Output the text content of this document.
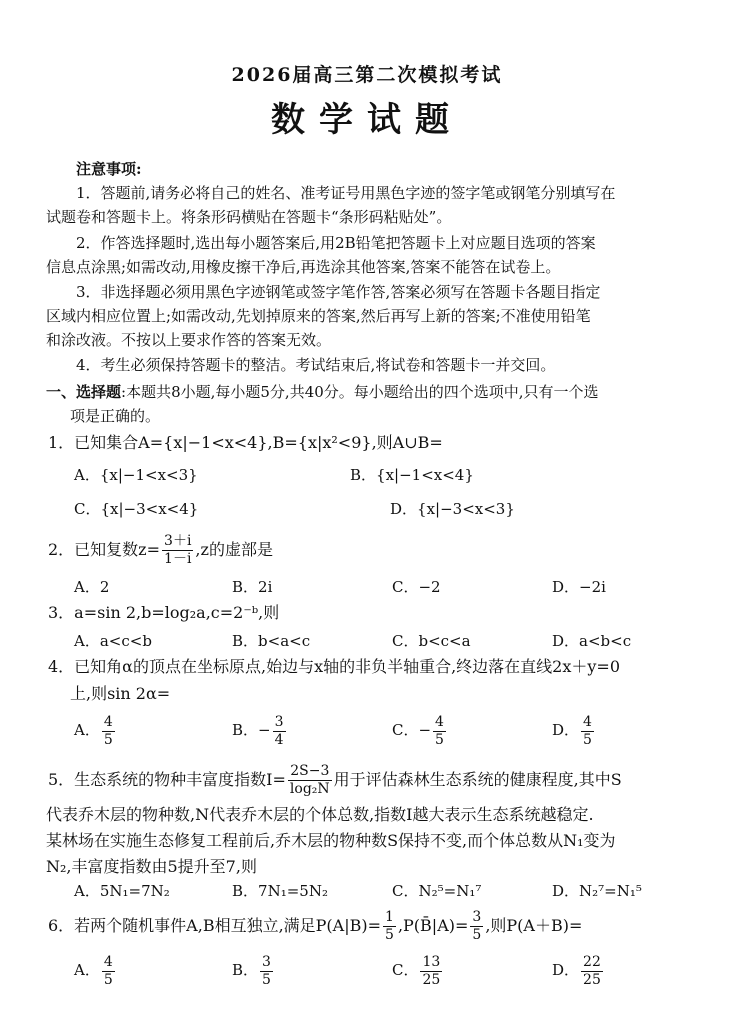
2026届高三第二次模拟考试
数学试题
注意事项:
1．答题前,请务必将自己的姓名、准考证号用黑色字迹的签字笔或钢笔分别填写在
试题卷和答题卡上。将条形码横贴在答题卡“条形码粘贴处”。
2．作答选择题时,选出每小题答案后,用2B铅笔把答题卡上对应题目选项的答案
信息点涂黑;如需改动,用橡皮擦干净后,再选涂其他答案,答案不能答在试卷上。
3．非选择题必须用黑色字迹钢笔或签字笔作答,答案必须写在答题卡各题目指定
区域内相应位置上;如需改动,先划掉原来的答案,然后再写上新的答案;不准使用铅笔
和涂改液。不按以上要求作答的答案无效。
4．考生必须保持答题卡的整洁。考试结束后,将试卷和答题卡一并交回。
一、选择题:本题共8小题,每小题5分,共40分。每小题给出的四个选项中,只有一个选
项是正确的。
1．已知集合A={x|−1<x<4},B={x|x²<9},则A∪B=
A．{x|−1<x<3}	B．{x|−1<x<4}
C．{x|−3<x<4}	D．{x|−3<x<3}
2．已知复数$z= \frac{3+i}{1-i} ,z$的虚部是
A．2	B．2i	C．−2	D．−2i
3．a=sin 2,b=log₂a,c=2⁻ᵇ,则
A．a<c<b	B．b<a<c	C．b<c<a	D．a<b<c
4．已知角α的顶点在坐标原点,始边与x轴的非负半轴重合,终边落在直线2x＋y=0
上,则sin 2α=
A． $\frac{4}{5}$	B．− $\frac{3}{4}$	C．− $\frac{4}{5}$	D． $\frac{4}{5}$
5．生态系统的物种丰富度指数$I= \frac{2S-3}{\text{log₂N}}$ 用于评估森林生态系统的健康程度,其中S
代表乔木层的物种数,N代表乔木层的个体总数,指数I越大表示生态系统越稳定.
某林场在实施生态修复工程前后,乔木层的物种数S保持不变,而个体总数从N₁变为
N₂,丰富度指数由5提升至7,则
A．5N₁=7N₂	B．7N₁=5N₂	C．N₂⁵=N₁⁷	D．N₂⁷=N₁⁵
6．若两个随机事件A,B相互独立,满足$P(A|B)= \frac{1}{5}$ ,P(B̄|A)= $\frac{3}{5}$ ,则P(A＋B)=
A． $\frac{4}{5}$	B． $\frac{3}{5}$	C． $\frac{13}{25}$	D． $\frac{22}{25}$
